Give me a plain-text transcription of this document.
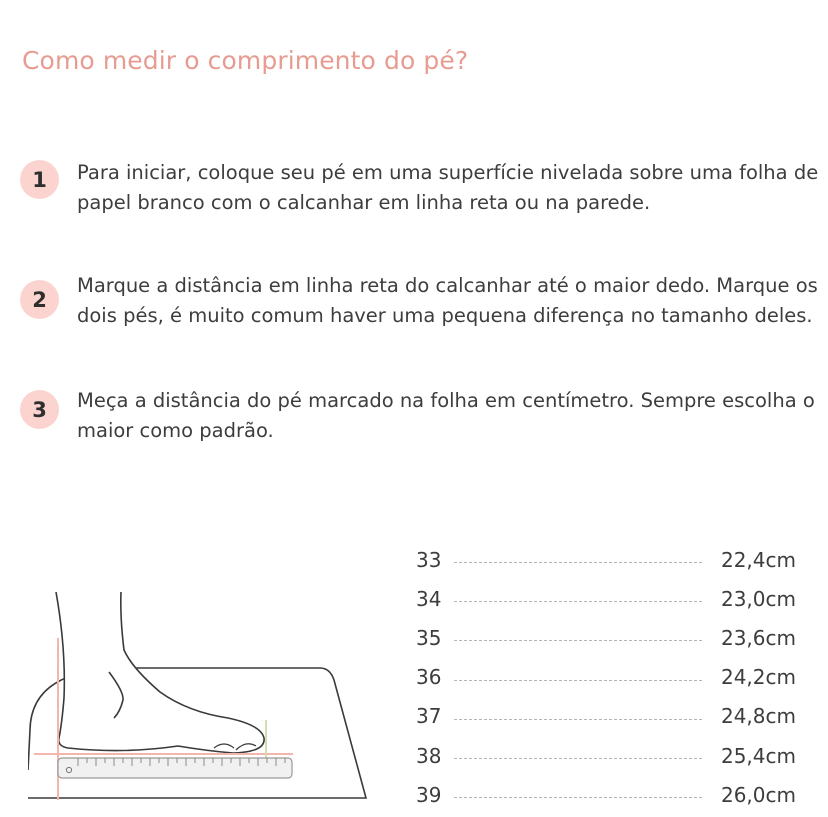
Como medir o comprimento do pé?
1	Para iniciar, coloque seu pé em uma superfície nivelada sobre uma folha de papel branco com o calcanhar em linha reta ou na parede.

2

Marque a distância em linha reta do calcanhar até o maior dedo. Marque os dois pés, é muito comum haver uma pequena diferença no tamanho deles.

3	Meça a distância do pé marcado na folha em centímetro. Sempre escolha o maior como padrão.

33	22,4cm
34	23,0cm
35	23,6cm
36	24,2cm
37	24,8cm
38	25,4cm
39	26,0cm
